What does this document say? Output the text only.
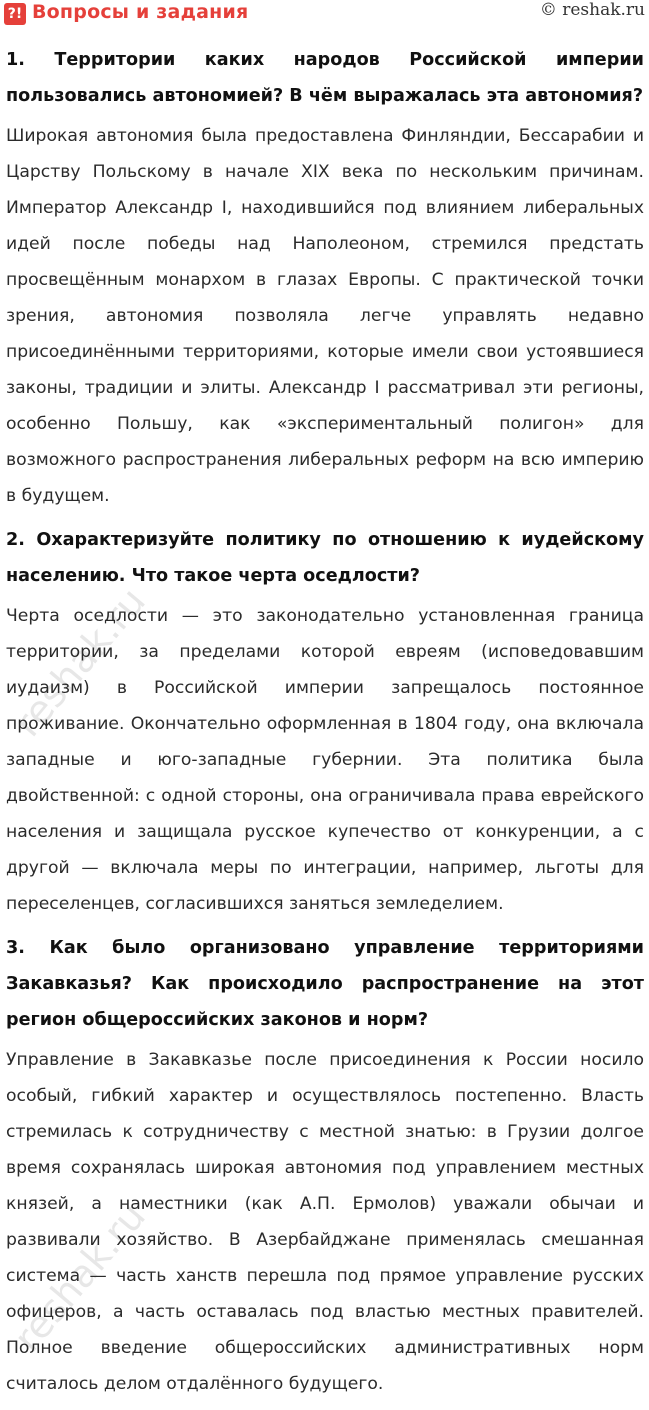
?! Вопросы и задания	© reshak.ru
reshak.ru
reshak.ru

1. Территории каких народов Российской империи пользовались автономией? В чём выражалась эта автономия?

Широкая автономия была предоставлена Финляндии, Бессарабии и Царству Польскому в начале XIX века по нескольким причинам. Император Александр I, находившийся под влиянием либеральных идей после победы над Наполеоном, стремился предстать просвещённым монархом в глазах Европы. С практической точки зрения, автономия позволяла легче управлять недавно присоединёнными территориями, которые имели свои устоявшиеся законы, традиции и элиты. Александр I рассматривал эти регионы, особенно Польшу, как «экспериментальный полигон» для возможного распространения либеральных реформ на всю империю в будущем.

2. Охарактеризуйте политику по отношению к иудейскому населению. Что такое черта оседлости?

Черта оседлости — это законодательно установленная граница территории, за пределами которой евреям (исповедовавшим иудаизм) в Российской империи запрещалось постоянное проживание. Окончательно оформленная в 1804 году, она включала западные и юго-западные губернии. Эта политика была двойственной: с одной стороны, она ограничивала права еврейского населения и защищала русское купечество от конкуренции, а с другой — включала меры по интеграции, например, льготы для переселенцев, согласившихся заняться земледелием.

3. Как было организовано управление территориями Закавказья? Как происходило распространение на этот регион общероссийских законов и норм?

Управление в Закавказье после присоединения к России носило особый, гибкий характер и осуществлялось постепенно. Власть стремилась к сотрудничеству с местной знатью: в Грузии долгое время сохранялась широкая автономия под управлением местных князей, а наместники (как А.П. Ермолов) уважали обычаи и развивали хозяйство. В Азербайджане применялась смешанная система — часть ханств перешла под прямое управление русских офицеров, а часть оставалась под властью местных правителей. Полное введение общероссийских административных норм считалось делом отдалённого будущего.
